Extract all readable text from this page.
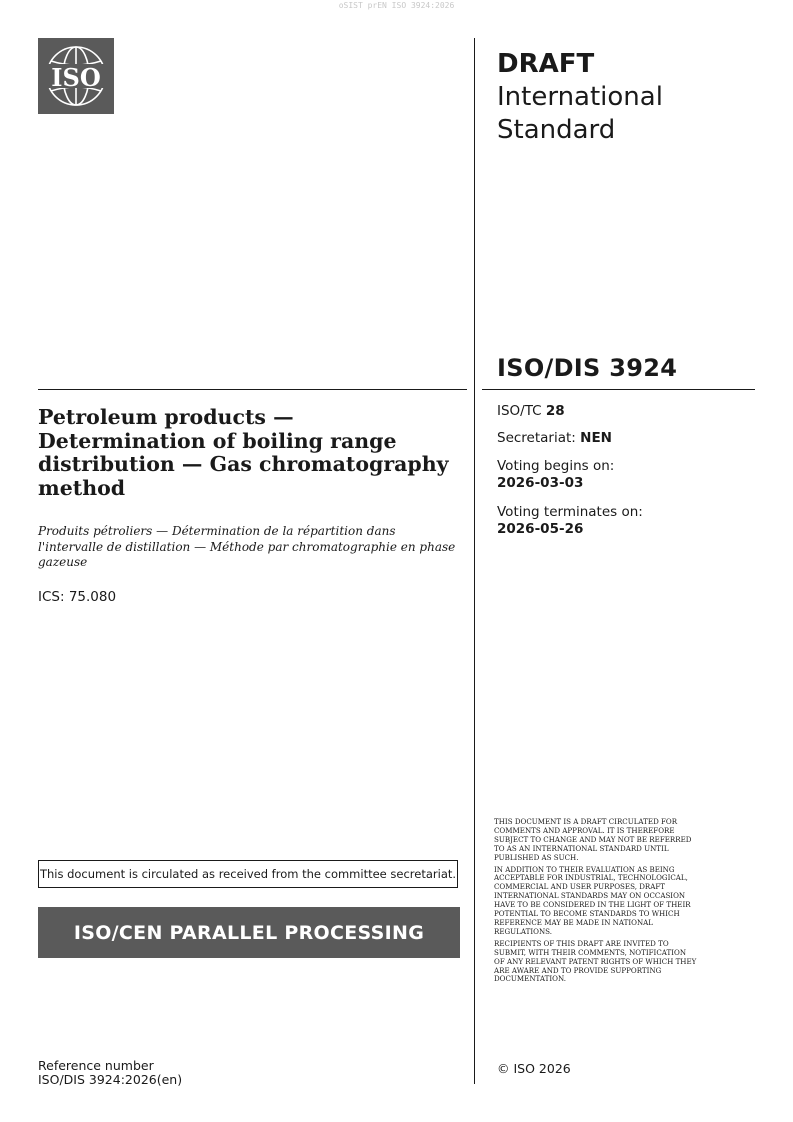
oSIST prEN ISO 3924:2026
ISO	DRAFT
International
Standard
ISO/DIS 3924
ISO/TC 28
Secretariat: NEN
Voting begins on:
2026-03-03
Voting terminates on:
2026-05-26
Petroleum products — Determination of boiling range distribution — Gas chromatography method

Produits pétroliers — Détermination de la répartition dans l'intervalle de distillation — Méthode par chromatographie en phase gazeuse

ICS: 75.080
This document is circulated as received from the committee secretariat.
ISO/CEN PARALLEL PROCESSING
Reference number
ISO/DIS 3924:2026(en)

THIS DOCUMENT IS A DRAFT CIRCULATED FOR COMMENTS AND APPROVAL. IT IS THEREFORE SUBJECT TO CHANGE AND MAY NOT BE REFERRED TO AS AN INTERNATIONAL STANDARD UNTIL PUBLISHED AS SUCH.

IN ADDITION TO THEIR EVALUATION AS BEING ACCEPTABLE FOR INDUSTRIAL, TECHNOLOGICAL, COMMERCIAL AND USER PURPOSES, DRAFT INTERNATIONAL STANDARDS MAY ON OCCASION HAVE TO BE CONSIDERED IN THE LIGHT OF THEIR POTENTIAL TO BECOME STANDARDS TO WHICH REFERENCE MAY BE MADE IN NATIONAL REGULATIONS.

RECIPIENTS OF THIS DRAFT ARE INVITED TO SUBMIT, WITH THEIR COMMENTS, NOTIFICATION OF ANY RELEVANT PATENT RIGHTS OF WHICH THEY ARE AWARE AND TO PROVIDE SUPPORTING DOCUMENTATION.

© ISO 2026
